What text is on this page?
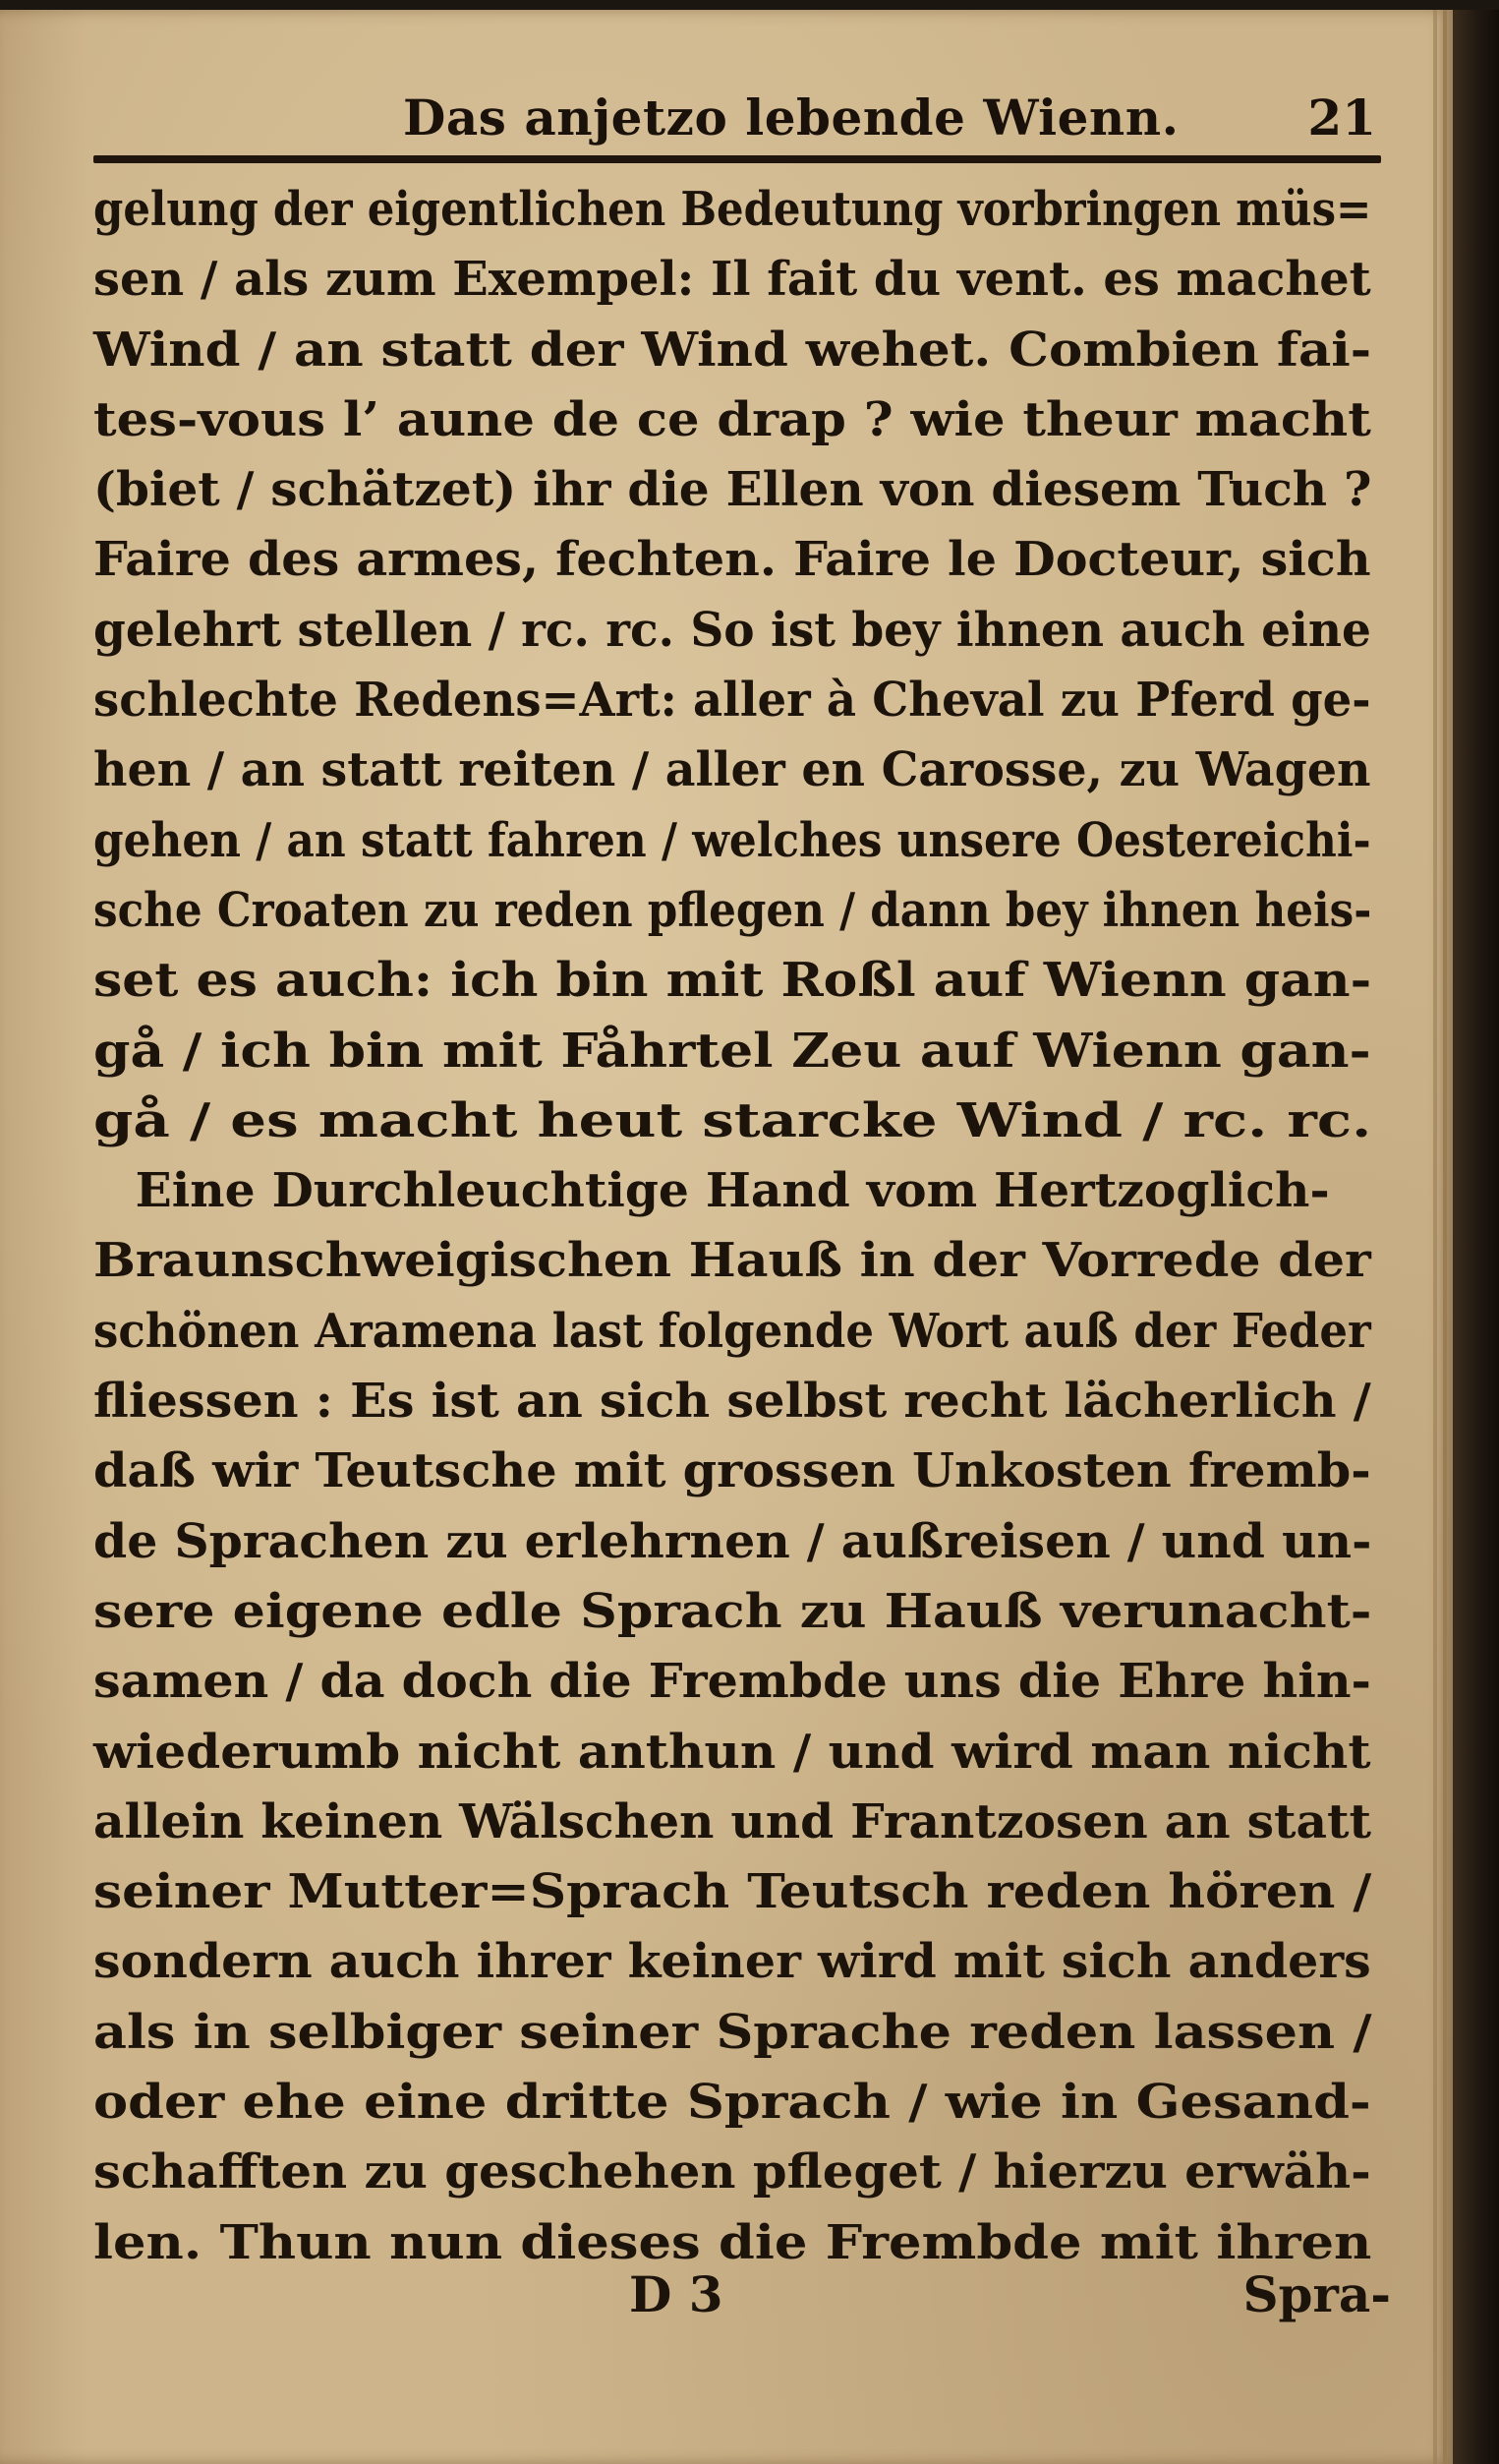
Das anjetzo lebende Wienn.	21
gelung der eigentlichen Bedeutung vorbringen müs=
sen / als zum Exempel: Il fait du vent. es machet
Wind / an statt der Wind wehet. Combien fai-
tes-vous l’ aune de ce drap ? wie theur macht
(biet / schätzet) ihr die Ellen von diesem Tuch ?
Faire des armes, fechten. Faire le Docteur, sich
gelehrt stellen / rc. rc. So ist bey ihnen auch eine
schlechte Redens=Art: aller à Cheval zu Pferd ge-
hen / an statt reiten / aller en Carosse, zu Wagen
gehen / an statt fahren / welches unsere Oestereichi-
sche Croaten zu reden pflegen / dann bey ihnen heis-
set es auch: ich bin mit Roßl auf Wienn gan-
gå / ich bin mit Fåhrtel Zeu auf Wienn gan-
gå / es macht heut starcke Wind / rc. rc.
Eine Durchleuchtige Hand vom Hertzoglich-
Braunschweigischen Hauß in der Vorrede der
schönen Aramena last folgende Wort auß der Feder
fliessen : Es ist an sich selbst recht lächerlich /
daß wir Teutsche mit grossen Unkosten fremb-
de Sprachen zu erlehrnen / außreisen / und un-
sere eigene edle Sprach zu Hauß verunacht-
samen / da doch die Frembde uns die Ehre hin-
wiederumb nicht anthun / und wird man nicht
allein keinen Wälschen und Frantzosen an statt
seiner Mutter=Sprach Teutsch reden hören /
sondern auch ihrer keiner wird mit sich anders
als in selbiger seiner Sprache reden lassen /
oder ehe eine dritte Sprach / wie in Gesand-
schafften zu geschehen pfleget / hierzu erwäh-
len. Thun nun dieses die Frembde mit ihren
D 3	Spra-
